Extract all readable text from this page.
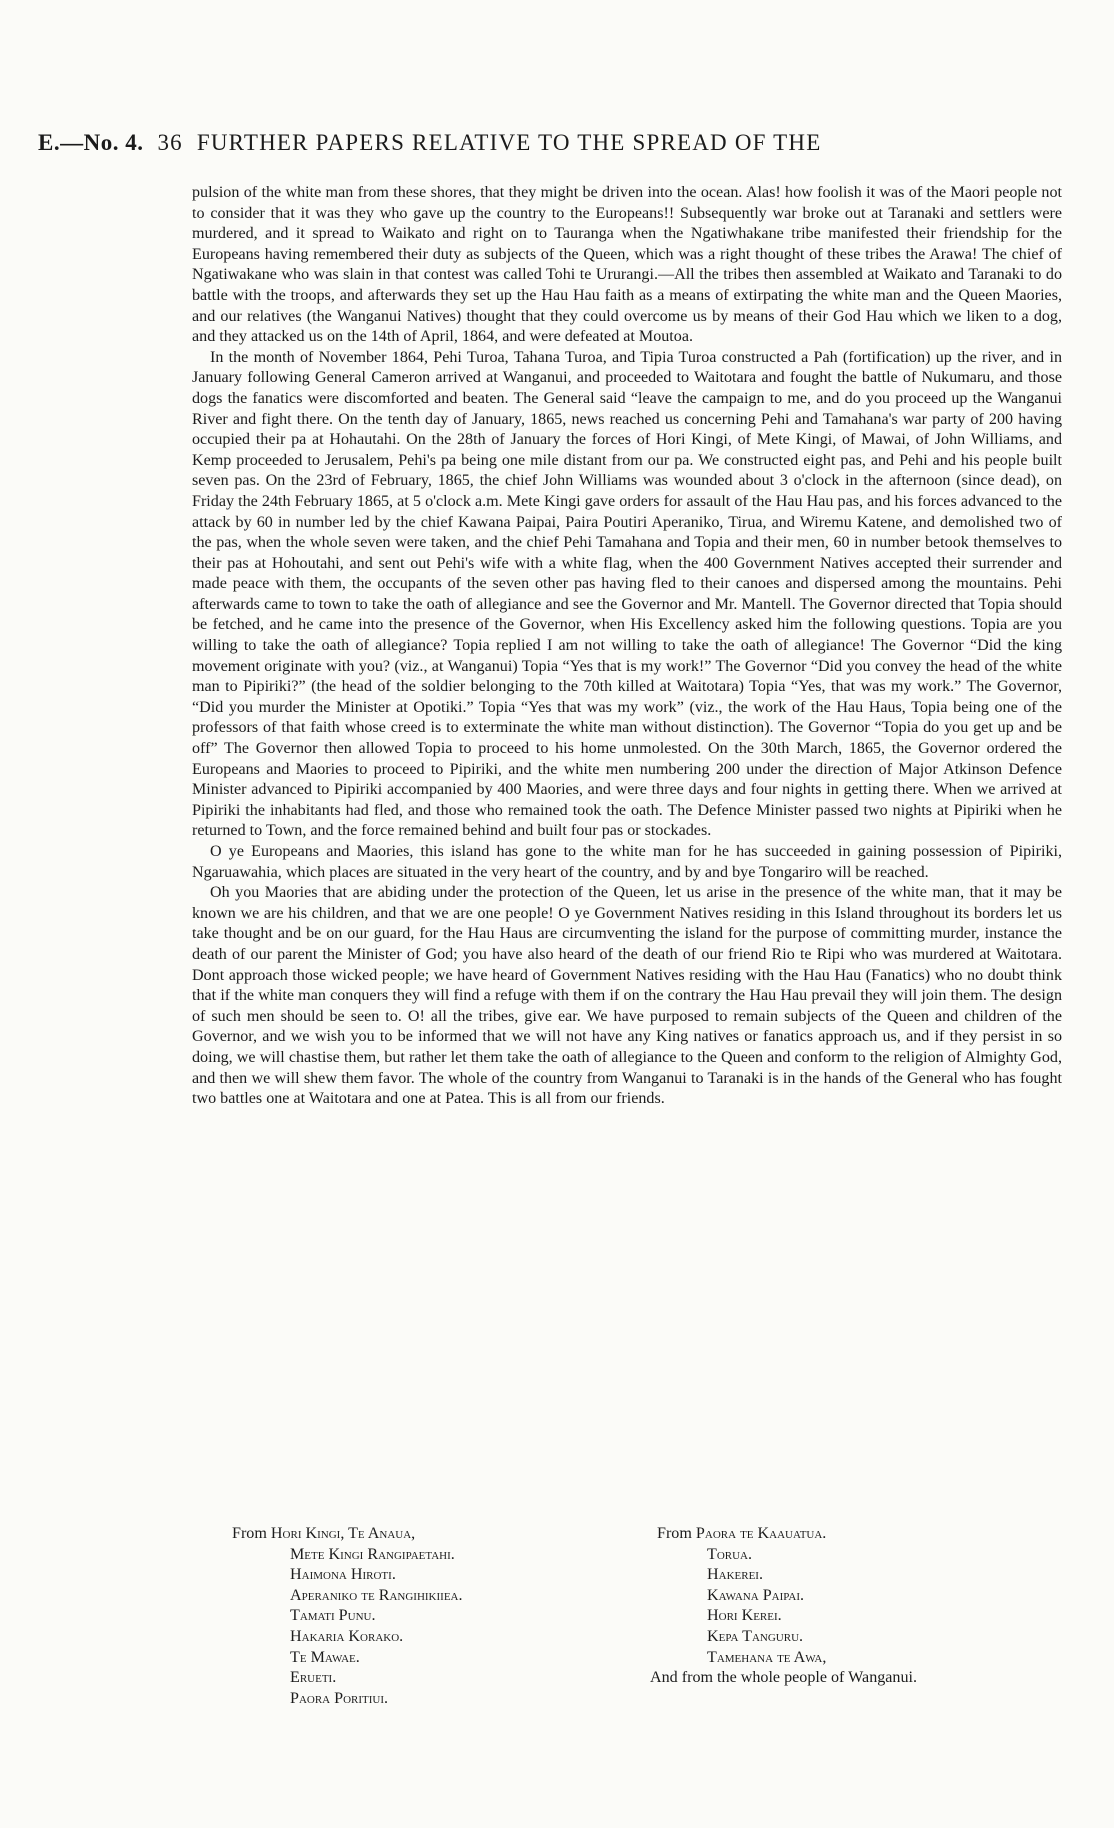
E.—No. 4. 36 FURTHER PAPERS RELATIVE TO THE SPREAD OF THE

pulsion of the white man from these shores, that they might be driven into the ocean. Alas! how foolish it was of the Maori people not to consider that it was they who gave up the country to the Europeans!! Subsequently war broke out at Taranaki and settlers were murdered, and it spread to Waikato and right on to Tauranga when the Ngatiwhakane tribe manifested their friendship for the Europeans having remembered their duty as subjects of the Queen, which was a right thought of these tribes the Arawa! The chief of Ngatiwakane who was slain in that contest was called Tohi te Ururangi.—All the tribes then assembled at Waikato and Taranaki to do battle with the troops, and afterwards they set up the Hau Hau faith as a means of extirpating the white man and the Queen Maories, and our relatives (the Wanganui Natives) thought that they could overcome us by means of their God Hau which we liken to a dog, and they attacked us on the 14th of April, 1864, and were defeated at Moutoa.

In the month of November 1864, Pehi Turoa, Tahana Turoa, and Tipia Turoa constructed a Pah (fortification) up the river, and in January following General Cameron arrived at Wanganui, and proceeded to Waitotara and fought the battle of Nukumaru, and those dogs the fanatics were discomforted and beaten. The General said “leave the campaign to me, and do you proceed up the Wanganui River and fight there. On the tenth day of January, 1865, news reached us concerning Pehi and Tamahana's war party of 200 having occupied their pa at Hohautahi. On the 28th of January the forces of Hori Kingi, of Mete Kingi, of Mawai, of John Williams, and Kemp proceeded to Jerusalem, Pehi's pa being one mile distant from our pa. We constructed eight pas, and Pehi and his people built seven pas. On the 23rd of February, 1865, the chief John Williams was wounded about 3 o'clock in the afternoon (since dead), on Friday the 24th February 1865, at 5 o'clock a.m. Mete Kingi gave orders for assault of the Hau Hau pas, and his forces advanced to the attack by 60 in number led by the chief Kawana Paipai, Paira Poutiri Aperaniko, Tirua, and Wiremu Katene, and demolished two of the pas, when the whole seven were taken, and the chief Pehi Tamahana and Topia and their men, 60 in number betook themselves to their pas at Hohoutahi, and sent out Pehi's wife with a white flag, when the 400 Government Natives accepted their surrender and made peace with them, the occupants of the seven other pas having fled to their canoes and dispersed among the mountains. Pehi afterwards came to town to take the oath of allegiance and see the Governor and Mr. Mantell. The Governor directed that Topia should be fetched, and he came into the presence of the Governor, when His Excellency asked him the following questions. Topia are you willing to take the oath of allegiance? Topia replied I am not willing to take the oath of allegiance! The Governor “Did the king movement originate with you? (viz., at Wanganui) Topia “Yes that is my work!” The Governor “Did you convey the head of the white man to Pipiriki?” (the head of the soldier belonging to the 70th killed at Waitotara) Topia “Yes, that was my work.” The Governor, “Did you murder the Minister at Opotiki.” Topia “Yes that was my work” (viz., the work of the Hau Haus, Topia being one of the professors of that faith whose creed is to exterminate the white man without distinction). The Governor “Topia do you get up and be off” The Governor then allowed Topia to proceed to his home unmolested. On the 30th March, 1865, the Governor ordered the Europeans and Maories to proceed to Pipiriki, and the white men numbering 200 under the direction of Major Atkinson Defence Minister advanced to Pipiriki accompanied by 400 Maories, and were three days and four nights in getting there. When we arrived at Pipiriki the inhabitants had fled, and those who remained took the oath. The Defence Minister passed two nights at Pipiriki when he returned to Town, and the force remained behind and built four pas or stockades.

O ye Europeans and Maories, this island has gone to the white man for he has succeeded in gaining possession of Pipiriki, Ngaruawahia, which places are situated in the very heart of the country, and by and bye Tongariro will be reached.

Oh you Maories that are abiding under the protection of the Queen, let us arise in the presence of the white man, that it may be known we are his children, and that we are one people! O ye Government Natives residing in this Island throughout its borders let us take thought and be on our guard, for the Hau Haus are circumventing the island for the purpose of committing murder, instance the death of our parent the Minister of God; you have also heard of the death of our friend Rio te Ripi who was murdered at Waitotara. Dont approach those wicked people; we have heard of Government Natives residing with the Hau Hau (Fanatics) who no doubt think that if the white man conquers they will find a refuge with them if on the contrary the Hau Hau prevail they will join them. The design of such men should be seen to. O! all the tribes, give ear. We have purposed to remain subjects of the Queen and children of the Governor, and we wish you to be informed that we will not have any King natives or fanatics approach us, and if they persist in so doing, we will chastise them, but rather let them take the oath of allegiance to the Queen and conform to the religion of Almighty God, and then we will shew them favor. The whole of the country from Wanganui to Taranaki is in the hands of the General who has fought two battles one at Waitotara and one at Patea. This is all from our friends.

From Hori Kingi, Te Anaua,
Mete Kingi Rangipaetahi.
Haimona Hiroti.
Aperaniko te Rangihikiiea.
Tamati Punu.
Hakaria Korako.
Te Mawae.
Erueti.
Paora Poritiui.
From Paora te Kaauatua.
Torua.
Hakerei.
Kawana Paipai.
Hori Kerei.
Kepa Tanguru.
Tamehana te Awa,
And from the whole people of Wanganui.
